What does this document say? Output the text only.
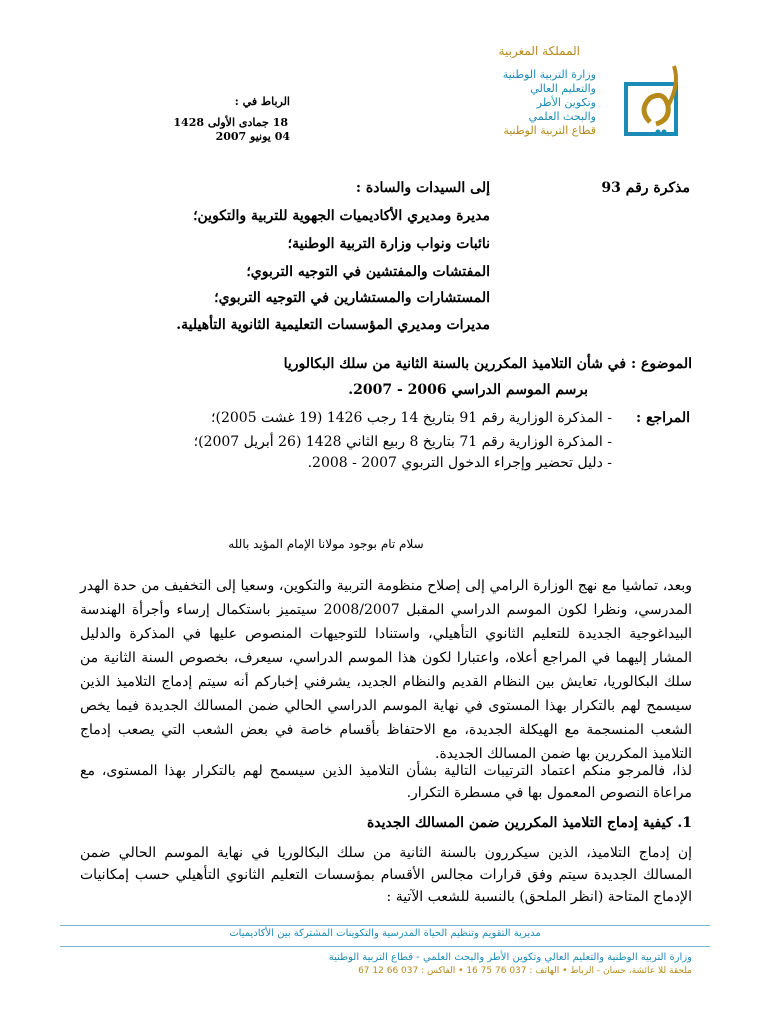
المملكة المغربية
وزارة التربية الوطنية
والتعليم العالي
وتكوين الأطر
والبحث العلمي
قطاع التربية الوطنية
الرباط في :
18 جمادى الأولى 1428
04 يونيو 2007
مذكرة رقم 93
إلى السيدات والسادة :
مديرة ومديري الأكاديميات الجهوية للتربية والتكوين؛
نائبات ونواب وزارة التربية الوطنية؛
المفتشات والمفتشين في التوجيه التربوي؛
المستشارات والمستشارين في التوجيه التربوي؛
مديرات ومديري المؤسسات التعليمية الثانوية التأهيلية.
الموضوع : في شأن التلاميذ المكررين بالسنة الثانية من سلك البكالوريا
برسم الموسم الدراسي 2006 - 2007.
المراجع :
- المذكرة الوزارية رقم 91 بتاريخ 14 رجب 1426 (19 غشت 2005)؛
- المذكرة الوزارية رقم 71 بتاريخ 8 ربيع الثاني 1428 (26 أبريل 2007)؛
- دليل تحضير وإجراء الدخول التربوي 2007 - 2008.
سلام تام بوجود مولانا الإمام المؤيد بالله
وبعد، تماشيا مع نهج الوزارة الرامي إلى إصلاح منظومة التربية والتكوين، وسعيا إلى التخفيف من حدة الهدر المدرسي، ونظرا لكون الموسم الدراسي المقبل 2008/2007 سيتميز باستكمال إرساء وأجرأة الهندسة البيداغوجية الجديدة للتعليم الثانوي التأهيلي، واستنادا للتوجيهات المنصوص عليها في المذكرة والدليل المشار إليهما في المراجع أعلاه، واعتبارا لكون هذا الموسم الدراسي، سيعرف، بخصوص السنة الثانية من سلك البكالوريا، تعايش بين النظام القديم والنظام الجديد، يشرفني إخباركم أنه سيتم إدماج التلاميذ الذين سيسمح لهم بالتكرار بهذا المستوى في نهاية الموسم الدراسي الحالي ضمن المسالك الجديدة فيما يخص الشعب المنسجمة مع الهيكلة الجديدة، مع الاحتفاظ بأقسام خاصة في بعض الشعب التي يصعب إدماج التلاميذ المكررين بها ضمن المسالك الجديدة.
لذا، فالمرجو منكم اعتماد الترتيبات التالية بشأن التلاميذ الذين سيسمح لهم بالتكرار بهذا المستوى، مع مراعاة النصوص المعمول بها في مسطرة التكرار.
1. كيفية إدماج التلاميذ المكررين ضمن المسالك الجديدة
إن إدماج التلاميذ، الذين سيكررون بالسنة الثانية من سلك البكالوريا في نهاية الموسم الحالي ضمن المسالك الجديدة سيتم وفق قرارات مجالس الأقسام بمؤسسات التعليم الثانوي التأهيلي حسب إمكانيات الإدماج المتاحة (انظر الملحق) بالنسبة للشعب الآتية :
مديرية التقويم وتنظيم الحياة المدرسية والتكوينات المشتركة بين الأكاديميات
وزارة التربية الوطنية والتعليم العالي وتكوين الأطر والبحث العلمي - قطاع التربية الوطنية
ملحقة للا عائشة، حسان - الرباط • الهاتف : 037 76 75 16 • الفاكس : 037 66 12 67
